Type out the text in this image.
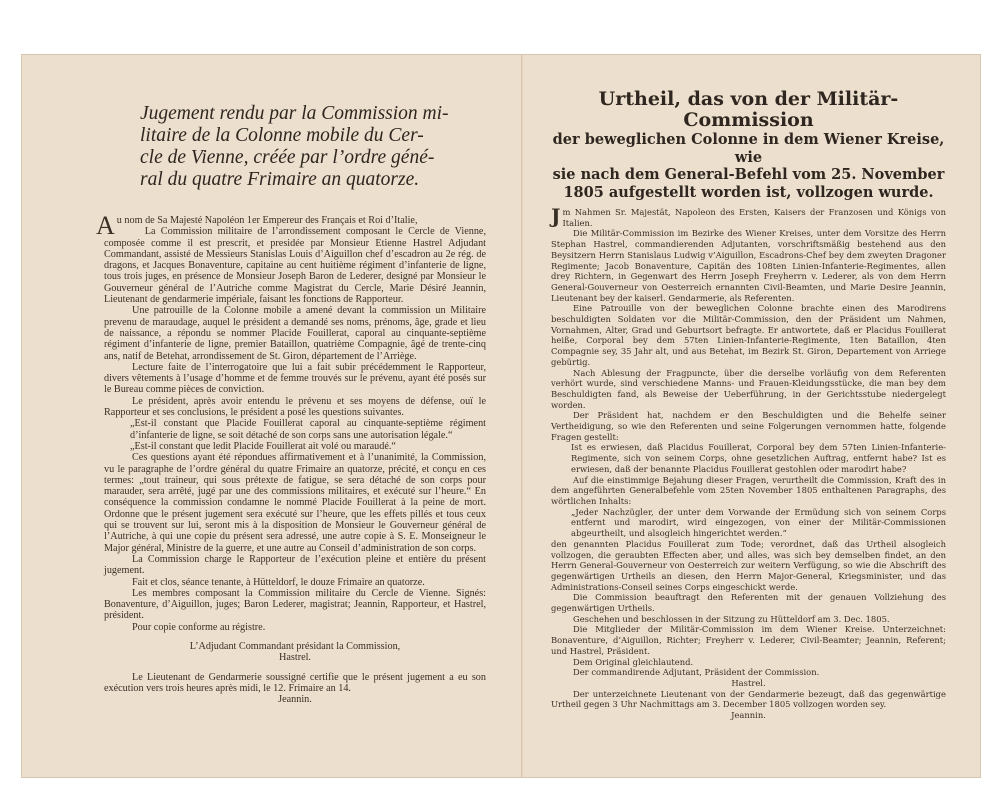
Jugement rendu par la Commission mi-
litaire de la Colonne mobile du Cer-
cle de Vienne, créée par l’ordre géné-
ral du quatre Frimaire an quatorze.

Au nom de Sa Majesté Napoléon 1er Empereur des Français et Roi d’Italie,

La Commission militaire de l’arrondissement composant le Cercle de Vienne, composée comme il est prescrit, et presidée par Monsieur Etienne Hastrel Adjudant Commandant, assisté de Messieurs Stanislas Louis d’Aiguillon chef d’escadron au 2e rég. de dragons, et Jacques Bonaventure, capitaine au cent huitième régiment d’infanterie de ligne, tous trois juges, en présence de Monsieur Joseph Baron de Lederer, designé par Monsieur le Gouverneur général de l’Autriche comme Magistrat du Cercle, Marie Désiré Jeannin, Lieutenant de gendarmerie impériale, faisant les fonctions de Rapporteur.

Une patrouille de la Colonne mobile a amené devant la commission un Militaire prevenu de maraudage, auquel le président a demandé ses noms, prénoms, âge, grade et lieu de naissance, a répondu se nommer Placide Fouillerat, caporal au cinquante-septième régiment d’infanterie de ligne, premier Bataillon, quatrième Compagnie, âgé de trente-cinq ans, natif de Betehat, arrondissement de St. Giron, département de l’Arriège.

Lecture faite de l’interrogatoire que lui a fait subir précédemment le Rapporteur, divers vêtements à l’usage d’homme et de femme trouvés sur le prévenu, ayant été posés sur le Bureau comme pièces de conviction.

Le président, après avoir entendu le prévenu et ses moyens de défense, ouï le Rapporteur et ses conclusions, le président a posé les questions suivantes.

„Est-il constant que Placide Fouillerat caporal au cinquante-septième régiment d’infanterie de ligne, se soit détaché de son corps sans une autorisation légale.“

„Est-il constant que ledit Placide Fouillerat ait volé ou maraudé.“

Ces questions ayant été répondues affirmativement et à l’unanimité, la Commission, vu le paragraphe de l’ordre général du quatre Frimaire an quatorze, précité, et conçu en ces termes: „tout traineur, qui sous prétexte de fatigue, se sera détaché de son corps pour marauder, sera arrêté, jugé par une des commissions militaires, et exécuté sur l’heure.“ En conséquence la commission condamne le nommé Placide Fouillerat à la peine de mort. Ordonne que le présent jugement sera exécuté sur l’heure, que les effets pillés et tous ceux qui se trouvent sur lui, seront mis à la disposition de Monsieur le Gouverneur général de l’Autriche, à qui une copie du présent sera adressé, une autre copie à S. E. Monseigneur le Major général, Ministre de la guerre, et une autre au Conseil d’administration de son corps.

La Commission charge le Rapporteur de l’exécution pleine et entière du présent jugement.

Fait et clos, séance tenante, à Hütteldorf, le douze Frimaire an quatorze.

Les membres composant la Commission militaire du Cercle de Vienne. Signés: Bonaventure, d’Aiguillon, juges; Baron Lederer, magistrat; Jeannin, Rapporteur, et Hastrel, président.

Pour copie conforme au régistre.

L’Adjudant Commandant présidant la Commission,

Hastrel.

Le Lieutenant de Gendarmerie soussigné certifie que le présent jugement a eu son exécution vers trois heures après midi, le 12. Frimaire an 14.

Jeannin.

Urtheil, das von der Militär-Commission
der beweglichen Colonne in dem Wiener Kreise, wie
sie nach dem General-Befehl vom 25. November
1805 aufgestellt worden ist, vollzogen wurde.

Jm Nahmen Sr. Majestät, Napoleon des Ersten, Kaisers der Franzosen und Königs von Italien.

Die Militär-Commission im Bezirke des Wiener Kreises, unter dem Vorsitze des Herrn Stephan Hastrel, commandierenden Adjutanten, vorschriftsmäßig bestehend aus den Beysitzern Herrn Stanislaus Ludwig v’Aiguillon, Escadrons-Chef bey dem zweyten Dragoner Regimente; Jacob Bonaventure, Capitän des 108ten Linien-Infanterie-Regimentes, allen drey Richtern, in Gegenwart des Herrn Joseph Freyherrn v. Lederer, als von dem Herrn General-Gouverneur von Oesterreich ernannten Civil-Beamten, und Marie Desire Jeannin, Lieutenant bey der kaiserl. Gendarmerie, als Referenten.

Eine Patrouille von der beweglichen Colonne brachte einen des Marodirens beschuldigten Soldaten vor die Militär-Commission, den der Präsident um Nahmen, Vornahmen, Alter, Grad und Geburtsort befragte. Er antwortete, daß er Placidus Fouillerat heiße, Corporal bey dem 57ten Linien-Infanterie-Regimente, 1ten Bataillon, 4ten Compagnie sey, 35 Jahr alt, und aus Betehat, im Bezirk St. Giron, Departement von Arriege gebürtig.

Nach Ablesung der Fragpuncte, über die derselbe vorläufig von dem Referenten verhört wurde, sind verschiedene Manns- und Frauen-Kleidungsstücke, die man bey dem Beschuldigten fand, als Beweise der Ueberführung, in der Gerichtsstube niedergelegt worden.

Der Präsident hat, nachdem er den Beschuldigten und die Behelfe seiner Vertheidigung, so wie den Referenten und seine Folgerungen vernommen hatte, folgende Fragen gestellt:

Ist es erwiesen, daß Placidus Fouillerat, Corporal bey dem 57ten Linien-Infanterie-Regimente, sich von seinem Corps, ohne gesetzlichen Auftrag, entfernt habe? Ist es erwiesen, daß der benannte Placidus Fouillerat gestohlen oder marodirt habe?

Auf die einstimmige Bejahung dieser Fragen, verurtheilt die Commission, Kraft des in dem angeführten Generalbefehle vom 25ten November 1805 enthaltenen Paragraphs, des wörtlichen Inhalts:

„Jeder Nachzügler, der unter dem Vorwande der Ermüdung sich von seinem Corps entfernt und marodirt, wird eingezogen, von einer der Militär-Commissionen abgeurtheilt, und alsogleich hingerichtet werden.“

den genannten Placidus Fouillerat zum Tode; verordnet, daß das Urtheil alsogleich vollzogen, die geraubten Effecten aber, und alles, was sich bey demselben findet, an den Herrn General-Gouverneur von Oesterreich zur weitern Verfügung, so wie die Abschrift des gegenwärtigen Urtheils an diesen, den Herrn Major-General, Kriegsminister, und das Administrations-Conseil seines Corps eingeschickt werde.

Die Commission beauftragt den Referenten mit der genauen Vollziehung des gegenwärtigen Urtheils.

Geschehen und beschlossen in der Sitzung zu Hütteldorf am 3. Dec. 1805.

Die Mitglieder der Militär-Commission im dem Wiener Kreise. Unterzeichnet: Bonaventure, d’Aiguillon, Richter; Freyherr v. Lederer, Civil-Beamter; Jeannin, Referent; und Hastrel, Präsident.

Dem Original gleichlautend.

Der commandirende Adjutant, Präsident der Commission.

Hastrel.

Der unterzeichnete Lieutenant von der Gendarmerie bezeugt, daß das gegenwärtige Urtheil gegen 3 Uhr Nachmittags am 3. December 1805 vollzogen worden sey.

Jeannin.
